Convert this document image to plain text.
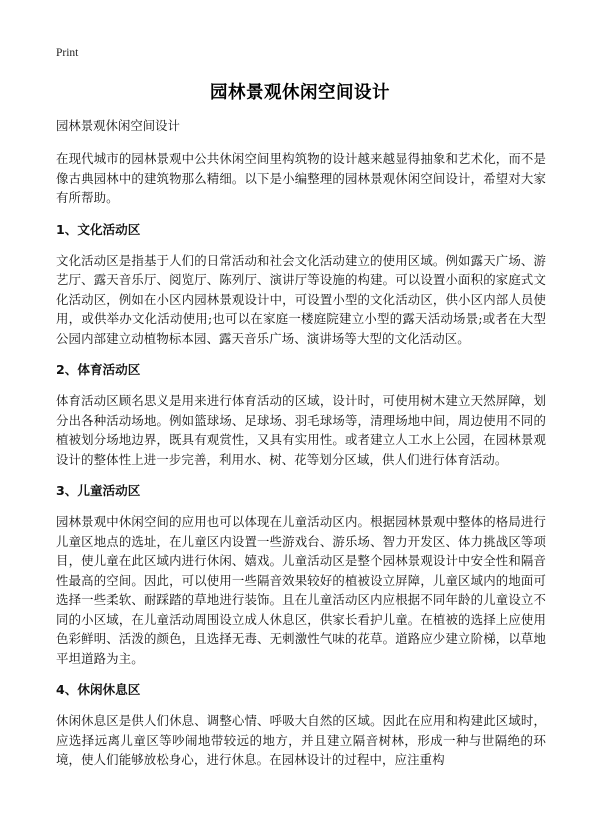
Print
园林景观休闲空间设计
园林景观休闲空间设计

在现代城市的园林景观中公共休闲空间里构筑物的设计越来越显得抽象和艺术化，而不是像古典园林中的建筑物那么精细。以下是小编整理的园林景观休闲空间设计，希望对大家有所帮助。

1、文化活动区

文化活动区是指基于人们的日常活动和社会文化活动建立的使用区域。例如露天广场、游艺厅、露天音乐厅、阅览厅、陈列厅、演讲厅等设施的构建。可以设置小面积的家庭式文化活动区，例如在小区内园林景观设计中，可设置小型的文化活动区，供小区内部人员使用，或供举办文化活动使用;也可以在家庭一楼庭院建立小型的露天活动场景;或者在大型公园内部建立动植物标本园、露天音乐广场、演讲场等大型的文化活动区。

2、体育活动区

体育活动区顾名思义是用来进行体育活动的区域，设计时，可使用树木建立天然屏障，划分出各种活动场地。例如篮球场、足球场、羽毛球场等，清理场地中间，周边使用不同的植被划分场地边界，既具有观赏性，又具有实用性。或者建立人工水上公园，在园林景观设计的整体性上进一步完善，利用水、树、花等划分区域，供人们进行体育活动。

3、儿童活动区

园林景观中休闲空间的应用也可以体现在儿童活动区内。根据园林景观中整体的格局进行儿童区地点的选址，在儿童区内设置一些游戏台、游乐场、智力开发区、体力挑战区等项目，使儿童在此区域内进行休闲、嬉戏。儿童活动区是整个园林景观设计中安全性和隔音性最高的空间。因此，可以使用一些隔音效果较好的植被设立屏障，儿童区域内的地面可选择一些柔软、耐踩踏的草地进行装饰。且在儿童活动区内应根据不同年龄的儿童设立不同的小区域，在儿童活动周围设立成人休息区，供家长看护儿童。在植被的选择上应使用色彩鲜明、活泼的颜色，且选择无毒、无刺激性气味的花草。道路应少建立阶梯，以草地平坦道路为主。

4、休闲休息区

休闲休息区是供人们休息、调整心情、呼吸大自然的区域。因此在应用和构建此区域时，应选择远离儿童区等吵闹地带较远的地方，并且建立隔音树林，形成一种与世隔绝的环境，使人们能够放松身心，进行休息。在园林设计的过程中，应注重构
